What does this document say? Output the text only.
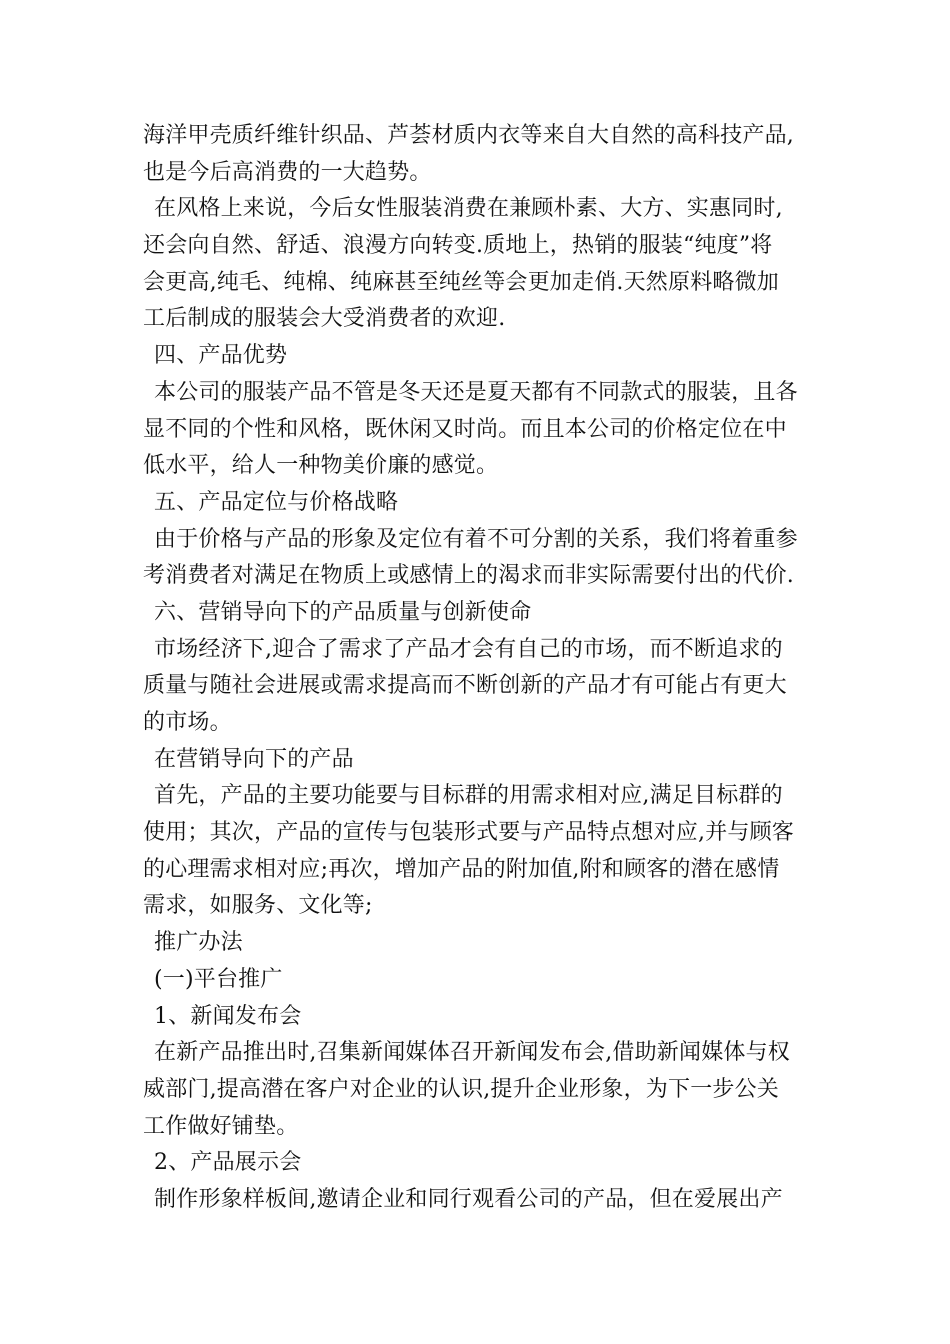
海洋甲壳质纤维针织品、芦荟材质内衣等来自大自然的高科技产品,
也是今后高消费的一大趋势。
在风格上来说，今后女性服装消费在兼顾朴素、大方、实惠同时,
还会向自然、舒适、浪漫方向转变.质地上，热销的服装“纯度”将
会更高,纯毛、纯棉、纯麻甚至纯丝等会更加走俏.天然原料略微加
工后制成的服装会大受消费者的欢迎.
四、产品优势
本公司的服装产品不管是冬天还是夏天都有不同款式的服装，且各
显不同的个性和风格，既休闲又时尚。而且本公司的价格定位在中
低水平，给人一种物美价廉的感觉。
五、产品定位与价格战略
由于价格与产品的形象及定位有着不可分割的关系，我们将着重参
考消费者对满足在物质上或感情上的渴求而非实际需要付出的代价.
六、营销导向下的产品质量与创新使命
市场经济下,迎合了需求了产品才会有自己的市场，而不断追求的
质量与随社会进展或需求提高而不断创新的产品才有可能占有更大
的市场。
在营销导向下的产品
首先，产品的主要功能要与目标群的用需求相对应,满足目标群的
使用；其次，产品的宣传与包装形式要与产品特点想对应,并与顾客
的心理需求相对应;再次，增加产品的附加值,附和顾客的潜在感情
需求，如服务、文化等;
推广办法
(一)平台推广
1、新闻发布会
在新产品推出时,召集新闻媒体召开新闻发布会,借助新闻媒体与权
威部门,提高潜在客户对企业的认识,提升企业形象，为下一步公关
工作做好铺垫。
2、产品展示会
制作形象样板间,邀请企业和同行观看公司的产品，但在爱展出产
